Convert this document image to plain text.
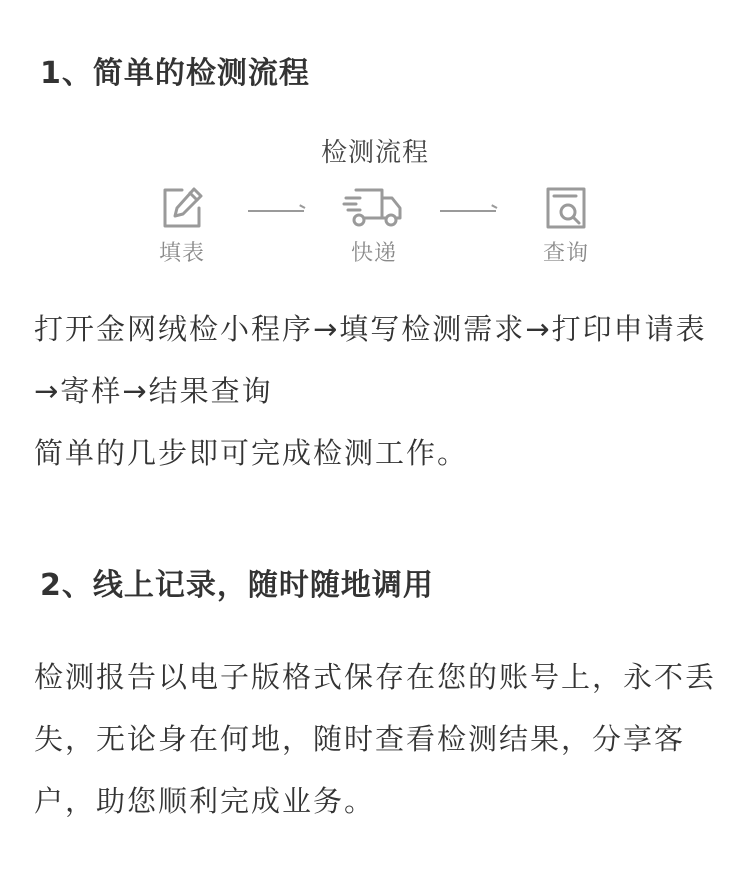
1、简单的检测流程
检测流程
填表	快递	查询

打开金网绒检小程序→填写检测需求→打印申请表→寄样→结果查询

简单的几步即可完成检测工作。

2、线上记录，随时随地调用

检测报告以电子版格式保存在您的账号上，永不丢失，无论身在何地，随时查看检测结果，分享客户，助您顺利完成业务。
